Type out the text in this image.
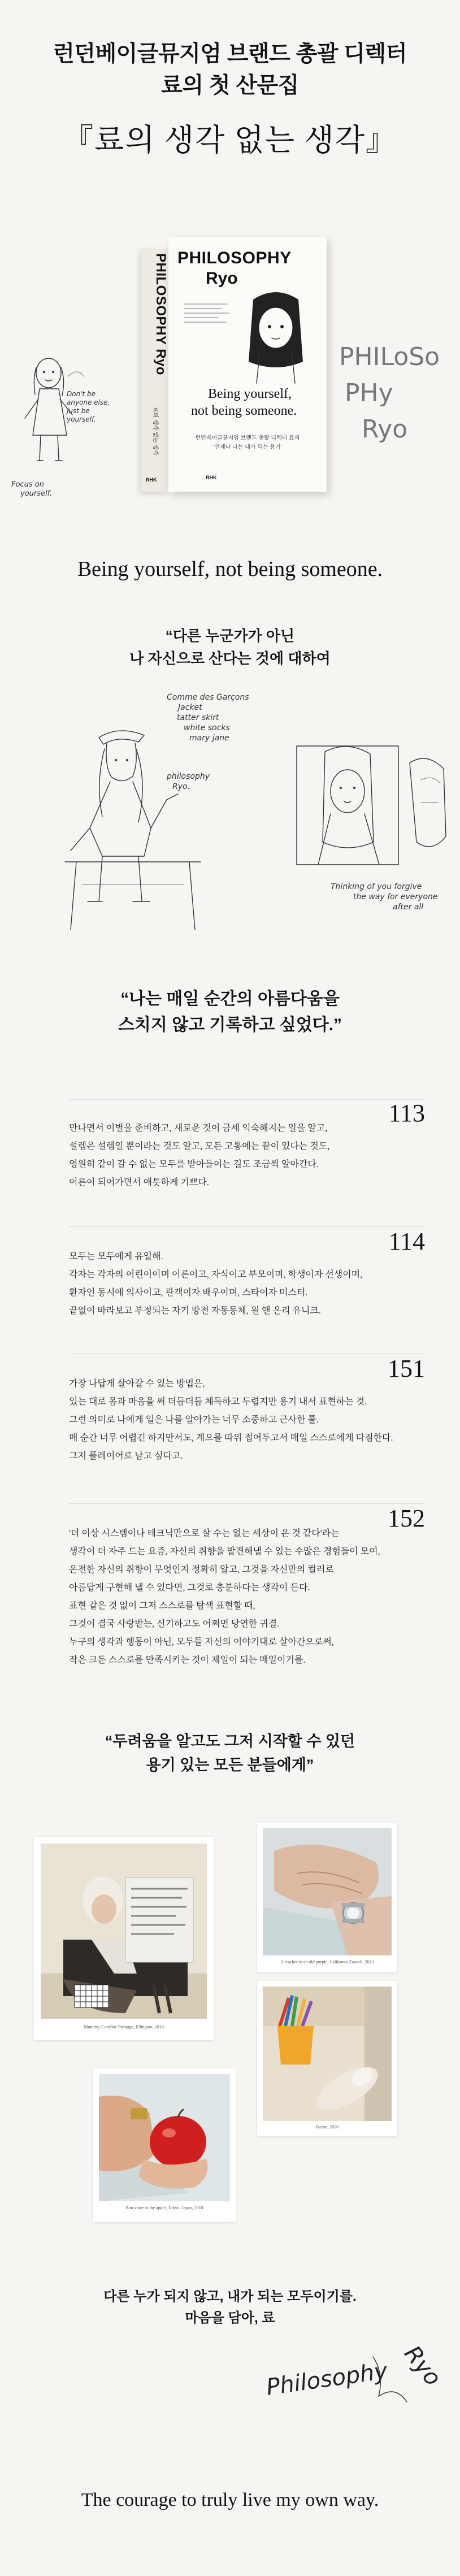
런던베이글뮤지엄 브랜드 총괄 디렉터
료의 첫 산문집
『료의 생각 없는 생각』
Don't be
anyone else,
just be
yourself.
Focus on
yourself.
PHILOSOPHY Ryo
료의 생각 없는 생각
RHK
PHILOSOPHY
Ryo
Being yourself,
not being someone.
런던베이글뮤지엄 브랜드 총괄 디렉터 료의
'언제나 나는 내가 되는 용기'
RHK
PHILoSo
PHy
Ryo
Being yourself, not being someone.
“다른 누군가가 아닌
나 자신으로 산다는 것에 대하여
Comme des Garçons
Jacket
tatter skirt
white socks
mary jane
philosophy
Ryo.
Thinking of you forgive
the way for everyone
after all
“나는 매일 순간의 아름다움을
스치지 않고 기록하고 싶었다.”
113
만나면서 이별을 준비하고, 새로운 것이 금세 익숙해지는 일을 알고,
설렘은 설렘일 뿐이라는 것도 알고, 모든 고통에는 끝이 있다는 것도,
영원히 같이 갈 수 없는 모두를 받아들이는 길도 조금씩 알아간다.
어른이 되어가면서 애틋하게 기쁘다.
114
모두는 모두에게 유일해.
각자는 각자의 어린이이며 어른이고, 자식이고 부모이며, 학생이자 선생이며,
환자인 동시에 의사이고, 관객이자 배우이며, 스타이자 미스터.
끝없이 바라보고 부정되는 자기 방전 자동동체, 원 앤 온리 유니크.
151
가장 나답게 살아갈 수 있는 방법은,
있는 대로 몸과 마음을 써 더듬더듬 체득하고 두렵지만 용기 내서 표현하는 것.
그런 의미로 나에게 일은 나를 알아가는 너무 소중하고 근사한 툴.
매 순간 너무 어렵긴 하지만서도, 계으를 따위 접어두고서 매일 스스로에게 다짐한다.
그저 플레이어로 남고 싶다고.
152
'더 이상 시스템이나 테크닉만으로 살 수는 없는 세상이 온 것 같다'라는
생각이 더 자주 드는 요즘, 자신의 취향을 발견해낼 수 있는 수많은 경험들이 모여,
온전한 자신의 취향이 무엇인지 정확히 알고, 그것을 자신만의 컬러로
아름답게 구현해 낼 수 있다면, 그것로 충분하다는 생각이 든다.
표현 같은 것 없이 그저 스스로를 탐색 표현할 때,
그것이 결국 사랑받는, 신기하고도 어쩌면 당연한 귀결.
누구의 생각과 행동이 아닌, 모두들 자신의 이야기대로 살아간으로써,
작은 크든 스스로를 만족시키는 것이 제일이 되는 매일이기를.
“두려움을 알고도 그저 시작할 수 있던
용기 있는 모든 분들에게”
Mummy, Caroline Prestage, Ellington, 2016
A teacher in an old purple, California Zanuck, 2013
Bacon, 2020
Bon voice is the apple, Tokyo, Japan, 2018
다른 누가 되지 않고, 내가 되는 모두이기를.
마음을 담아, 료
Philosophy Ryo
The courage to truly live my own way.
